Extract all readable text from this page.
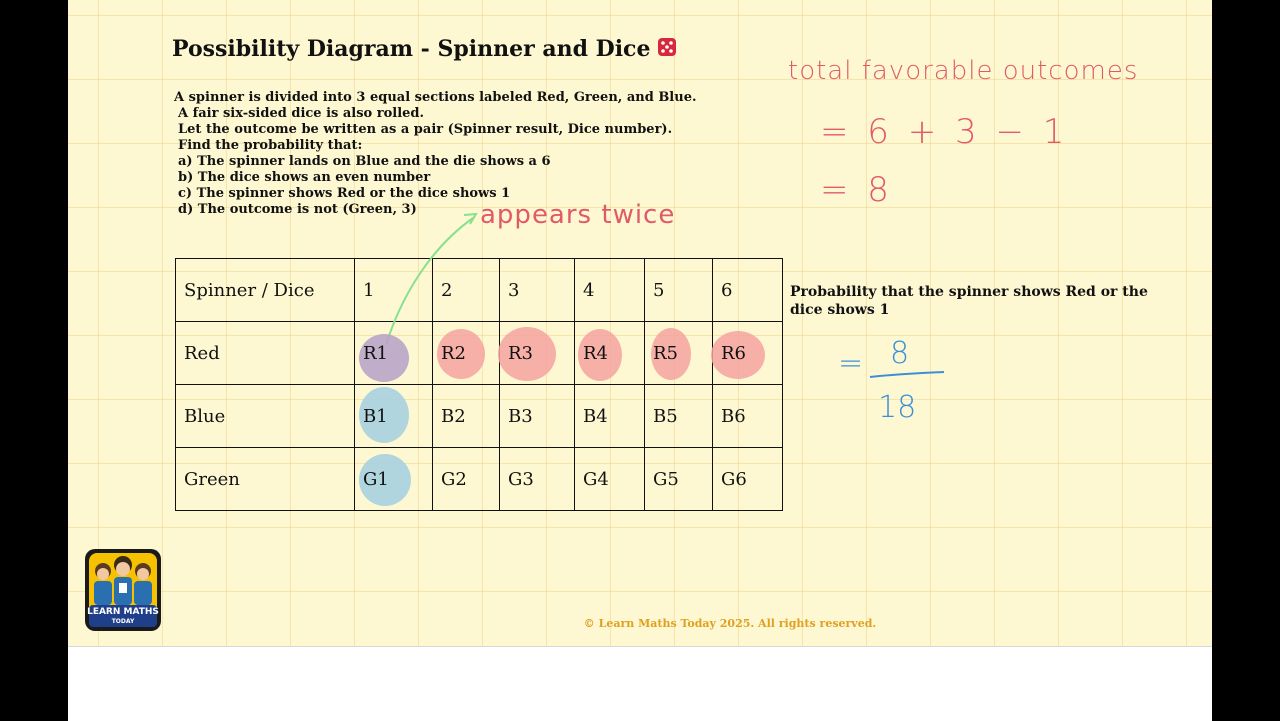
Possibility Diagram - Spinner and Dice
A spinner is divided into 3 equal sections labeled Red, Green, and Blue.
A fair six-sided dice is also rolled.
Let the outcome be written as a pair (Spinner result, Dice number).
Find the probability that:
a) The spinner lands on Blue and the die shows a 6
b) The dice shows an even number
c) The spinner shows Red or the dice shows 1
d) The outcome is not (Green, 3)
Spinner / Dice	1	2	3	4	5	6
Red	R1	R2	R3	R4	R5	R6
Blue	B1	B2	B3	B4	B5	B6
Green	G1	G2	G3	G4	G5	G6
appears twice
total favorable outcomes
= 6 + 3 − 1
= 8
Probability that the spinner shows Red or the dice shows 1
= 8
18
LEARN MATHS
TODAY	© Learn Maths Today 2025. All rights reserved.
